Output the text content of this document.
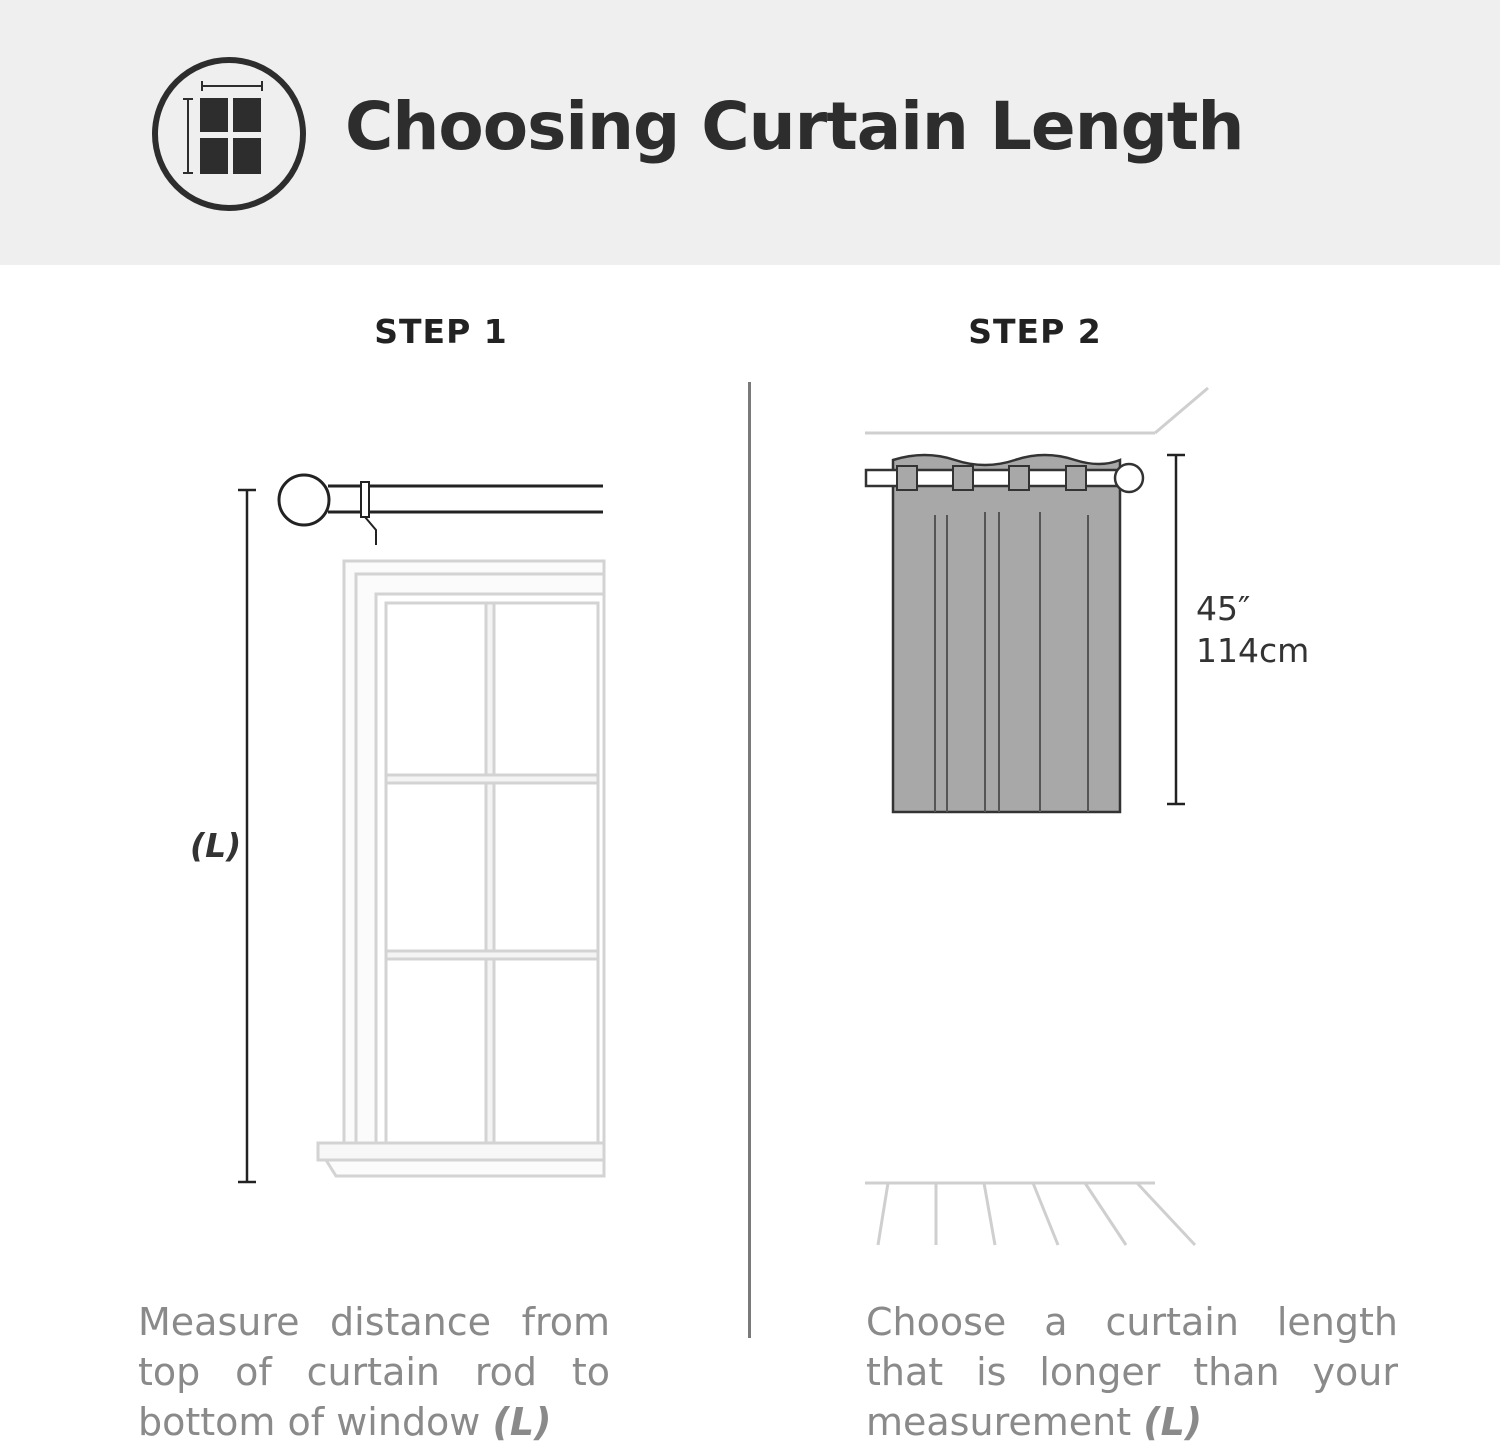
Choosing Curtain Length
STEP 1	STEP 2
(L)
45″
114cm
Measure distance from top of curtain rod to bottom of window (L)
Choose a curtain length that is longer than your measurement (L)
